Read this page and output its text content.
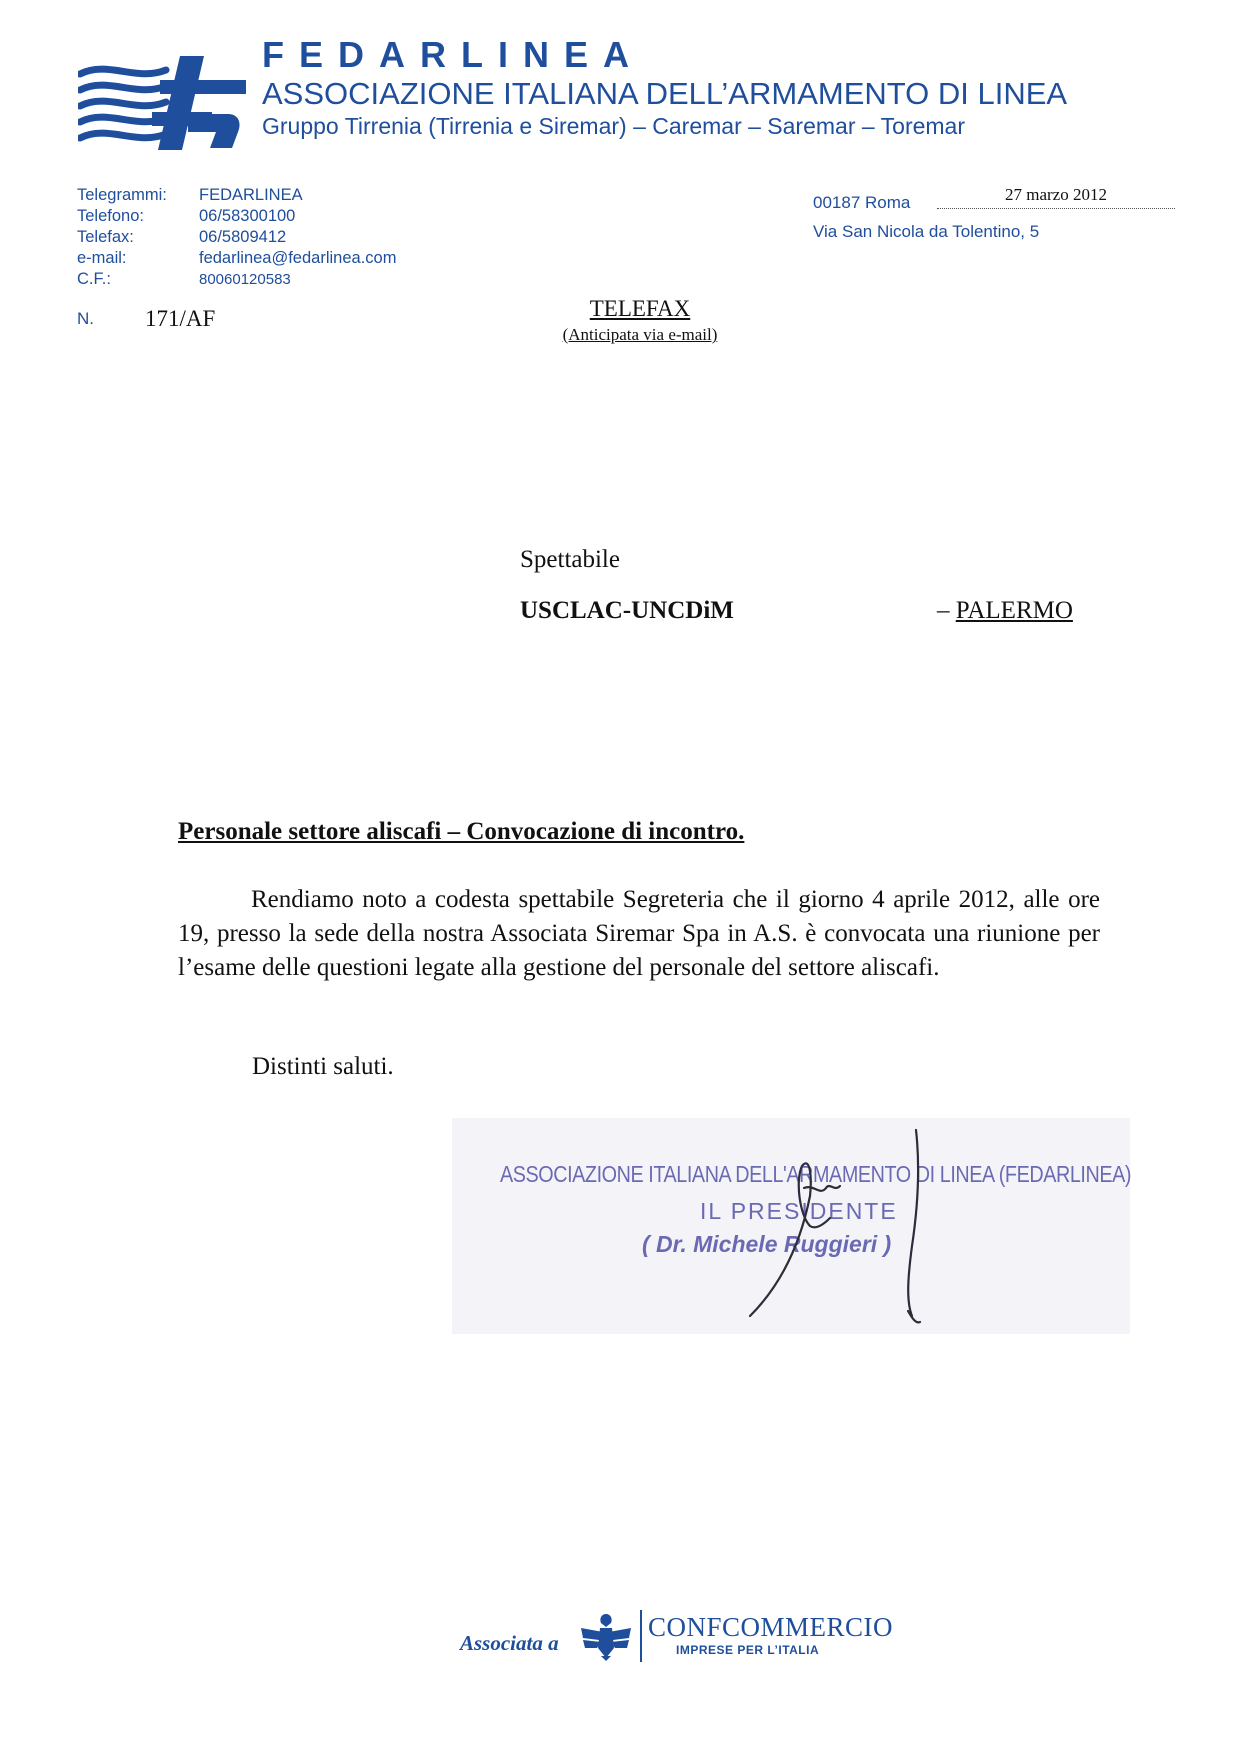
FEDARLINEA
ASSOCIAZIONE ITALIANA DELL’ARMAMENTO DI LINEA
Gruppo Tirrenia (Tirrenia e Siremar) – Caremar – Saremar – Toremar
Telegrammi:	FEDARLINEA
Telefono:	06/58300100
Telefax:	06/5809412
e-mail:	fedarlinea@fedarlinea.com
C.F.:	80060120583
N. 171/AF
00187 Roma	27 marzo 2012
Via San Nicola da Tolentino, 5
TELEFAX
(Anticipata via e-mail)
Spettabile
USCLAC-UNCDiM	– PALERMO
Personale settore aliscafi – Convocazione di incontro.

Rendiamo noto a codesta spettabile Segreteria che il giorno 4 aprile 2012, alle ore 19, presso la sede della nostra Associata Siremar Spa in A.S. è convocata una riunione per l’esame delle questioni legate alla gestione del personale del settore aliscafi.

Distinti saluti.
ASSOCIAZIONE ITALIANA DELL'ARMAMENTO DI LINEA (FEDARLINEA)
IL PRESIDENTE
( Dr. Michele Ruggieri )
Associata a
CONFCOMMERCIO
IMPRESE PER L’ITALIA
